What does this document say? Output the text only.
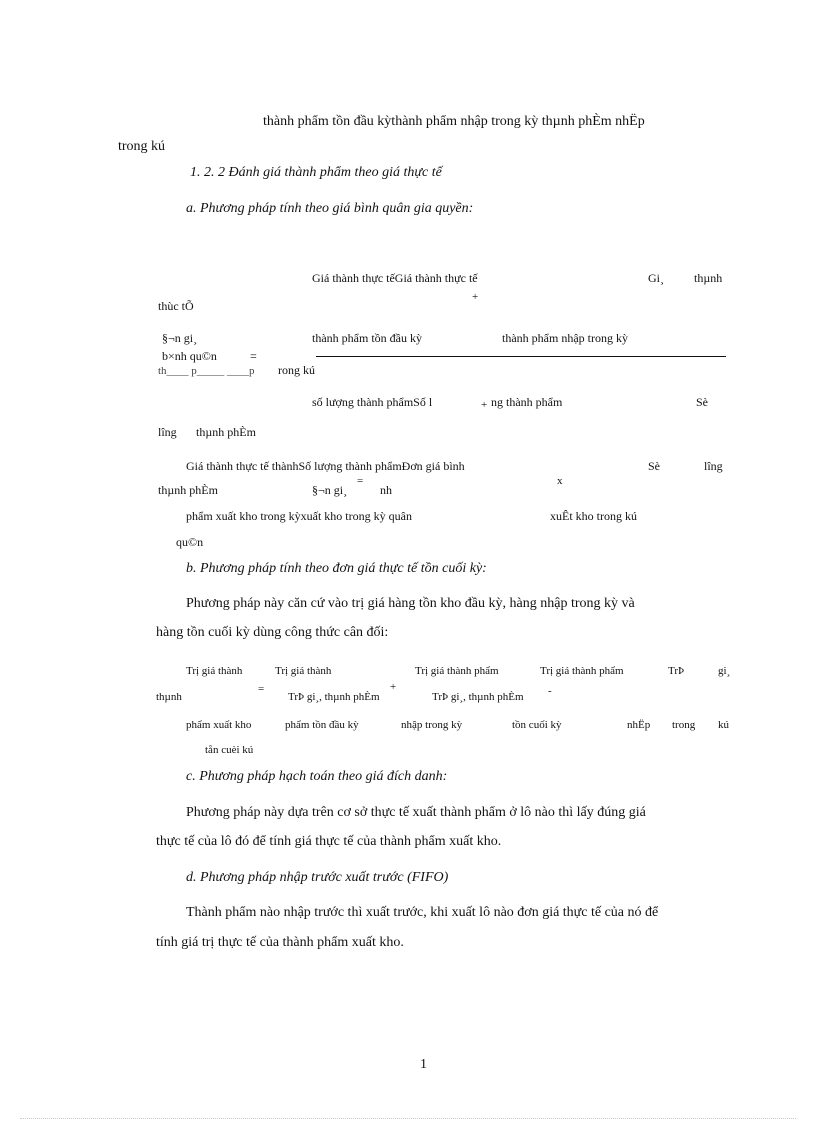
thành phẩm tồn đầu kỳthành phẩm nhập trong kỳ thµnh phÈm nhËp
trong kú
1. 2. 2 Đánh giá thành phẩm theo giá thực tế
a. Phương pháp tính theo giá bình quân gia quyền:
Giá thành thực tếGiá thành thực tế	Gi¸	thµnh
+
thùc tÕ
§¬n gi¸	thành phẩm tồn đầu kỳ	thành phẩm nhập trong kỳ
b×nh qu©n	=
th____ p_____ ____p rong kú
số lượng thành phẩmSố l	+ ng thành phẩm	Sè
lîng thµnh phÈm
Giá thành thực tế thànhSố lượng thành phẩmĐơn giá bình
x
Sè	lîng
thµnh phÈm	§¬n gi¸
=
nh
phẩm xuất kho trong kỳxuất kho trong kỳ quân	xuÊt kho trong kú
qu©n
b. Phương pháp tính theo đơn giá thực tế tồn cuối kỳ:
Phương pháp này căn cứ vào trị giá hàng tồn kho đầu kỳ, hàng nhập trong kỳ và
hàng tồn cuối kỳ dùng công thức cân đối:
Trị giá thành	Trị giá thành	Trị giá thành phẩm	Trị giá thành phẩm	TrÞ	gi¸
thµnh
=
TrÞ gi¸, thµnh phÈm
+
TrÞ gi¸, thµnh phÈm -
phẩm xuất kho	phẩm tồn đầu kỳ	nhập trong kỳ	tồn cuối kỳ	nhËp trong kú
tån cuèi kú
c. Phương pháp hạch toán theo giá đích danh:
Phương pháp này dựa trên cơ sở thực tế xuất thành phẩm ở lô nào thì lấy đúng giá
thực tế của lô đó để tính giá thực tế của thành phẩm xuất kho.
d. Phương pháp nhập trước xuất trước (FIFO)
Thành phẩm nào nhập trước thì xuất trước, khi xuất lô nào đơn giá thực tế của nó để
tính giá trị thực tế của thành phẩm xuất kho.
1
